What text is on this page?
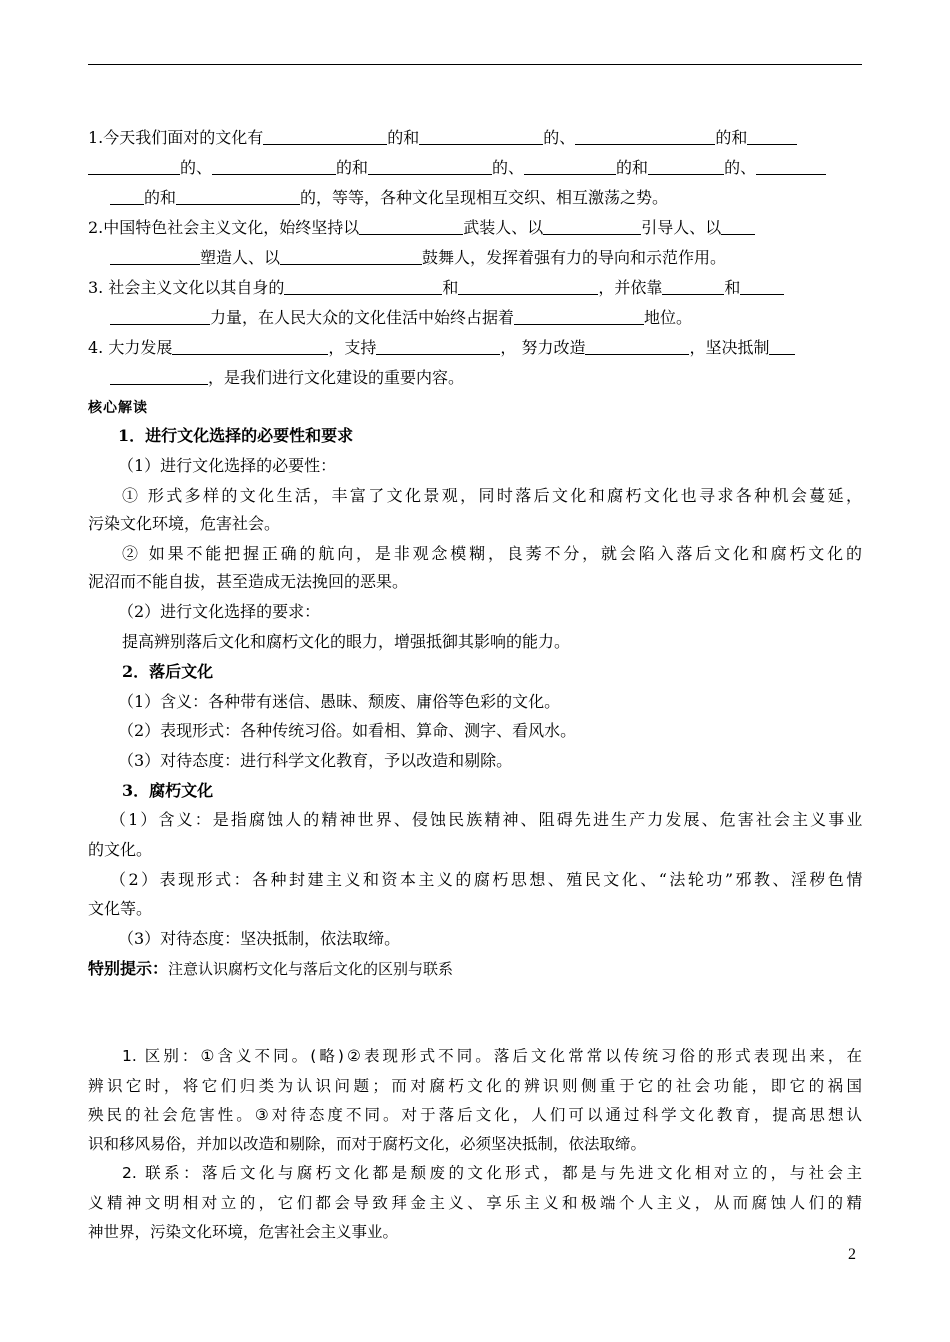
1.今天我们面对的文化有	的和	的、	的和
的、	的和	的、	的和	的、
的和	的，等等，各种文化呈现相互交织、相互激荡之势。
2.中国特色社会主义文化，始终坚持以	武装人、以	引导人、以
塑造人、以	鼓舞人，发挥着强有力的导向和示范作用。
3. 社会主义文化以其自身的	和	，并依靠	和
力量，在人民大众的文化佳活中始终占据着	地位。
4. 大力发展	，支持	， 努力改造	，坚决抵制
，是我们进行文化建设的重要内容。
核心解读
1．进行文化选择的必要性和要求
（1）进行文化选择的必要性：
① 形式多样的文化生活，丰富了文化景观，同时落后文化和腐朽文化也寻求各种机会蔓延，
污染文化环境，危害社会。
② 如果不能把握正确的航向，是非观念模糊，良莠不分，就会陷入落后文化和腐朽文化的
泥沼而不能自拔，甚至造成无法挽回的恶果。
（2）进行文化选择的要求：
提高辨别落后文化和腐朽文化的眼力，增强抵御其影响的能力。
2．落后文化
（1）含义：各种带有迷信、愚昧、颓废、庸俗等色彩的文化。
（2）表现形式：各种传统习俗。如看相、算命、测字、看风水。
（3）对待态度：进行科学文化教育，予以改造和剔除。
3．腐朽文化
（1）含义：是指腐蚀人的精神世界、侵蚀民族精神、阻碍先进生产力发展、危害社会主义事业
的文化。
（2）表现形式：各种封建主义和资本主义的腐朽思想、殖民文化、“法轮功”邪教、淫秽色情
文化等。
（3）对待态度：坚决抵制，依法取缔。
特别提示：注意认识腐朽文化与落后文化的区别与联系
1. 区别：①含义不同。(略)②表现形式不同。落后文化常常以传统习俗的形式表现出来，在
辨识它时，将它们归类为认识问题；而对腐朽文化的辨识则侧重于它的社会功能，即它的祸国
殃民的社会危害性。③对待态度不同。对于落后文化，人们可以通过科学文化教育，提高思想认
识和移风易俗，并加以改造和剔除，而对于腐朽文化，必须坚决抵制，依法取缔。
2. 联系：落后文化与腐朽文化都是颓废的文化形式，都是与先进文化相对立的，与社会主
义精神文明相对立的，它们都会导致拜金主义、享乐主义和极端个人主义，从而腐蚀人们的精
神世界，污染文化环境，危害社会主义事业。
2
